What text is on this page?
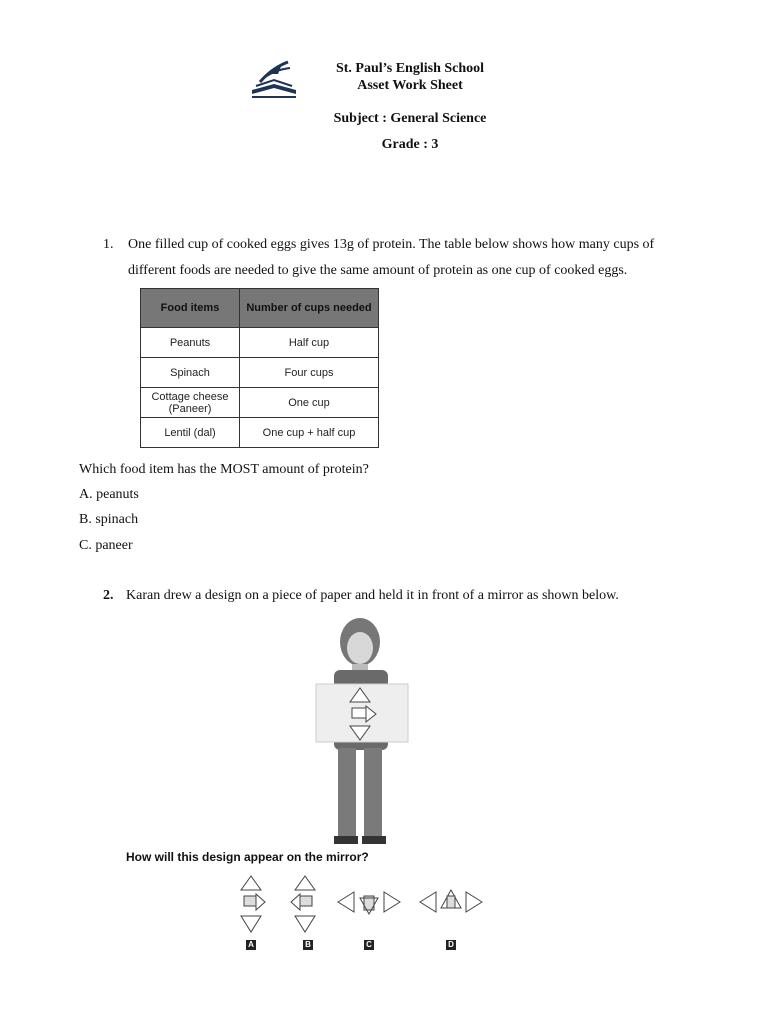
St. Paul’s English School
Asset Work Sheet
Subject : General Science
Grade : 3
1. One filled cup of cooked eggs gives 13g of protein. The table below shows how many cups of
different foods are needed to give the same amount of protein as one cup of cooked eggs.
Food items	Number of cups needed
Peanuts	Half cup
Spinach	Four cups
Cottage cheese (Paneer)	One cup
Lentil (dal)	One cup + half cup
Which food item has the MOST amount of protein?
A. peanuts
B. spinach
C. paneer
2. Karan drew a design on a piece of paper and held it in front of a mirror as shown below.
How will this design appear on the mirror?
A	B	C	D
